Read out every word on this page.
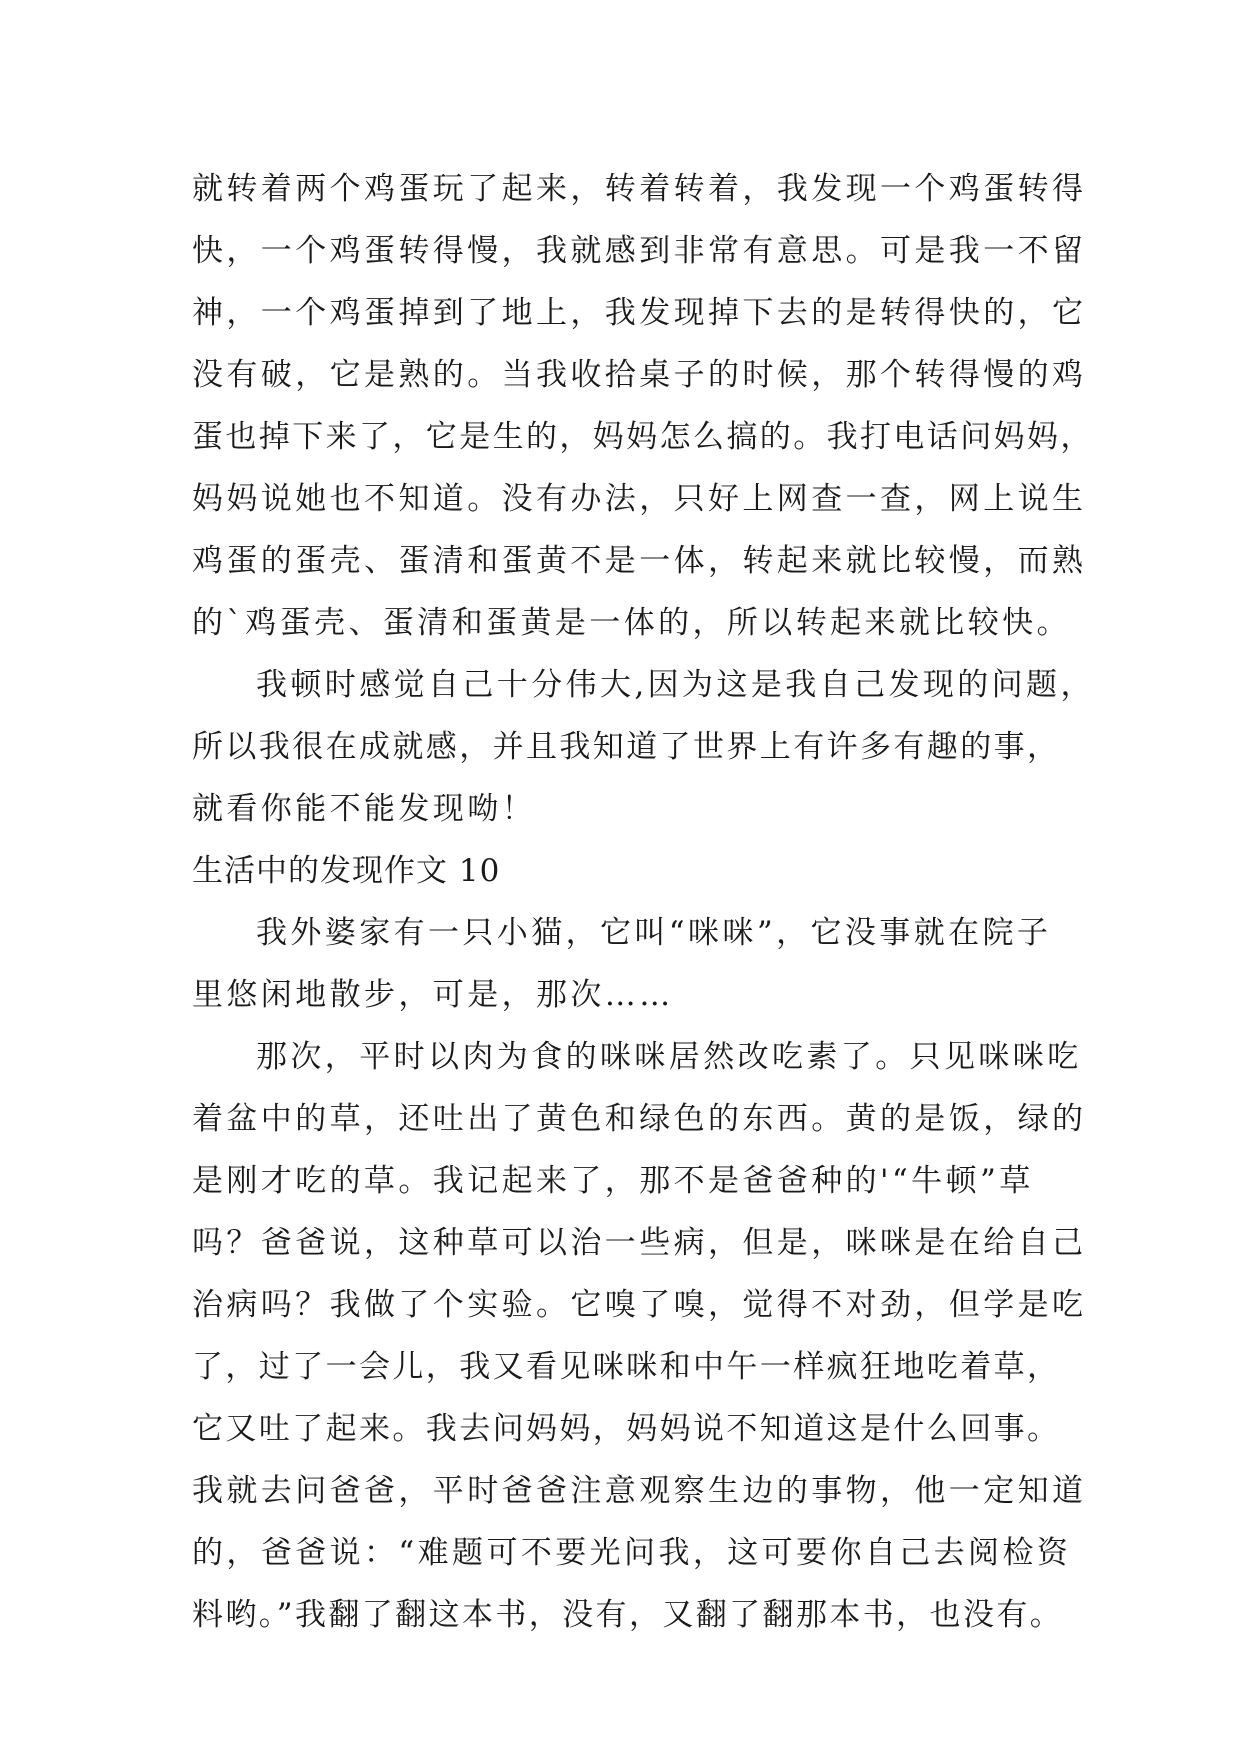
就转着两个鸡蛋玩了起来，转着转着，我发现一个鸡蛋转得
快，一个鸡蛋转得慢，我就感到非常有意思。可是我一不留
神，一个鸡蛋掉到了地上，我发现掉下去的是转得快的，它
没有破，它是熟的。当我收拾桌子的时候，那个转得慢的鸡
蛋也掉下来了，它是生的，妈妈怎么搞的。我打电话问妈妈，
妈妈说她也不知道。没有办法，只好上网查一查，网上说生
鸡蛋的蛋壳、蛋清和蛋黄不是一体，转起来就比较慢，而熟
的`鸡蛋壳、蛋清和蛋黄是一体的，所以转起来就比较快。
我顿时感觉自己十分伟大,因为这是我自己发现的问题，
所以我很在成就感，并且我知道了世界上有许多有趣的事，
就看你能不能发现呦！
生活中的发现作文 10
我外婆家有一只小猫，它叫“咪咪”，它没事就在院子
里悠闲地散步，可是，那次……
那次，平时以肉为食的咪咪居然改吃素了。只见咪咪吃
着盆中的草，还吐出了黄色和绿色的东西。黄的是饭，绿的
是刚才吃的草。我记起来了，那不是爸爸种的'“牛顿”草
吗？爸爸说，这种草可以治一些病，但是，咪咪是在给自己
治病吗？我做了个实验。它嗅了嗅，觉得不对劲，但学是吃
了，过了一会儿，我又看见咪咪和中午一样疯狂地吃着草，
它又吐了起来。我去问妈妈，妈妈说不知道这是什么回事。
我就去问爸爸，平时爸爸注意观察生边的事物，他一定知道
的，爸爸说：“难题可不要光问我，这可要你自己去阅检资
料哟。”我翻了翻这本书，没有，又翻了翻那本书，也没有。
